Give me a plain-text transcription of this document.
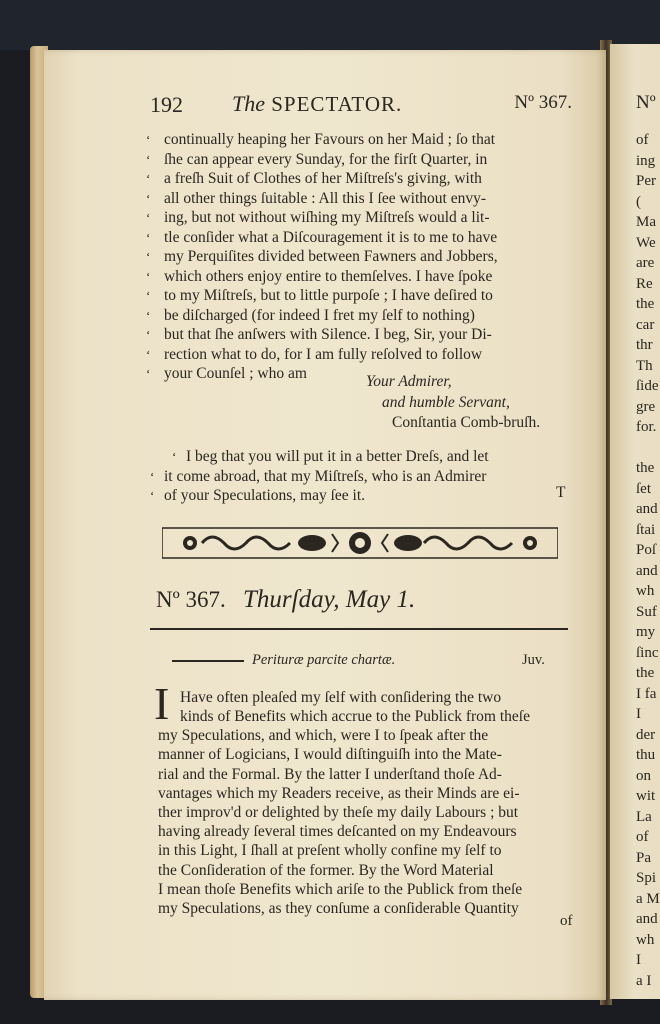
Nº
of
ing
Per
(
Ma
We
are
Re
the
car
thr
Th
ſide
gre
for.
the
ſet
and
ſtai
Poſ
and
wh
Suf
my
ſinc
the
I fa
I
der
thu
on
wit
La
of
Pa
Spi
a M
and
wh
I
a I
192 The SPECTATOR.	Nº 367.
‘ continually heaping her Favours on her Maid ; ſo that
‘ ſhe can appear every Sunday, for the firſt Quarter, in
‘ a freſh Suit of Clothes of her Miſtreſs's giving, with
‘ all other things ſuitable : All this I ſee without envy-
‘ ing, but not without wiſhing my Miſtreſs would a lit-
‘ tle conſider what a Diſcouragement it is to me to have
‘ my Perquiſites divided between Fawners and Jobbers,
‘ which others enjoy entire to themſelves. I have ſpoke
‘ to my Miſtreſs, but to little purpoſe ; I have deſired to
‘ be diſcharged (for indeed I fret my ſelf to nothing)
‘ but that ſhe anſwers with Silence. I beg, Sir, your Di-
‘ rection what to do, for I am fully reſolved to follow
‘ your Counſel ; who am	Your Admirer,
and humble Servant,
Conſtantia Comb-bruſh.
‘ I beg that you will put it in a better Dreſs, and let
‘ it come abroad, that my Miſtreſs, who is an Admirer
‘ of your Speculations, may ſee it.	T
Nº 367. Thurſday, May 1.
Perituræ parcite chartæ.	Juv.
I Have often pleaſed my ſelf with conſidering the two
kinds of Benefits which accrue to the Publick from theſe
my Speculations, and which, were I to ſpeak after the
manner of Logicians, I would diſtinguiſh into the Mate-
rial and the Formal. By the latter I underſtand thoſe Ad-
vantages which my Readers receive, as their Minds are ei-
ther improv'd or delighted by theſe my daily Labours ; but
having already ſeveral times deſcanted on my Endeavours
in this Light, I ſhall at preſent wholly confine my ſelf to
the Conſideration of the former. By the Word Material
I mean thoſe Benefits which ariſe to the Publick from theſe
my Speculations, as they conſume a conſiderable Quantity
of
